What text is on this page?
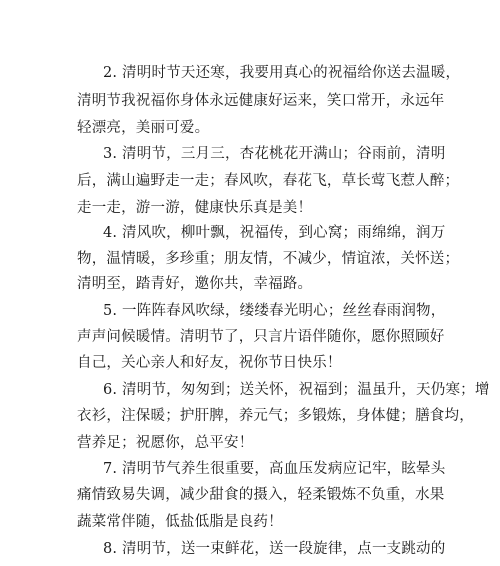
2. 清明时节天还寒，我要用真心的祝福给你送去温暖，
清明节我祝福你身体永远健康好运来，笑口常开，永远年
轻漂亮，美丽可爱。
3. 清明节，三月三，杏花桃花开满山；谷雨前，清明
后，满山遍野走一走；春风吹，春花飞，草长莺飞惹人醉；
走一走，游一游，健康快乐真是美！
4. 清风吹，柳叶飘，祝福传，到心窝；雨绵绵，润万
物，温情暖，多珍重；朋友情，不减少，情谊浓，关怀送；
清明至，踏青好，邀你共，幸福路。
5. 一阵阵春风吹绿，缕缕春光明心；丝丝春雨润物，
声声问候暖情。清明节了，只言片语伴随你，愿你照顾好
自己，关心亲人和好友，祝你节日快乐！
6. 清明节，匆匆到；送关怀，祝福到；温虽升，天仍寒；增
衣衫，注保暖；护肝脾，养元气；多锻炼，身体健；膳食均，
营养足；祝愿你，总平安！
7. 清明节气养生很重要，高血压发病应记牢，眩晕头
痛情致易失调，减少甜食的摄入，轻柔锻炼不负重，水果
蔬菜常伴随，低盐低脂是良药！
8. 清明节，送一束鲜花，送一段旋律，点一支跳动的
